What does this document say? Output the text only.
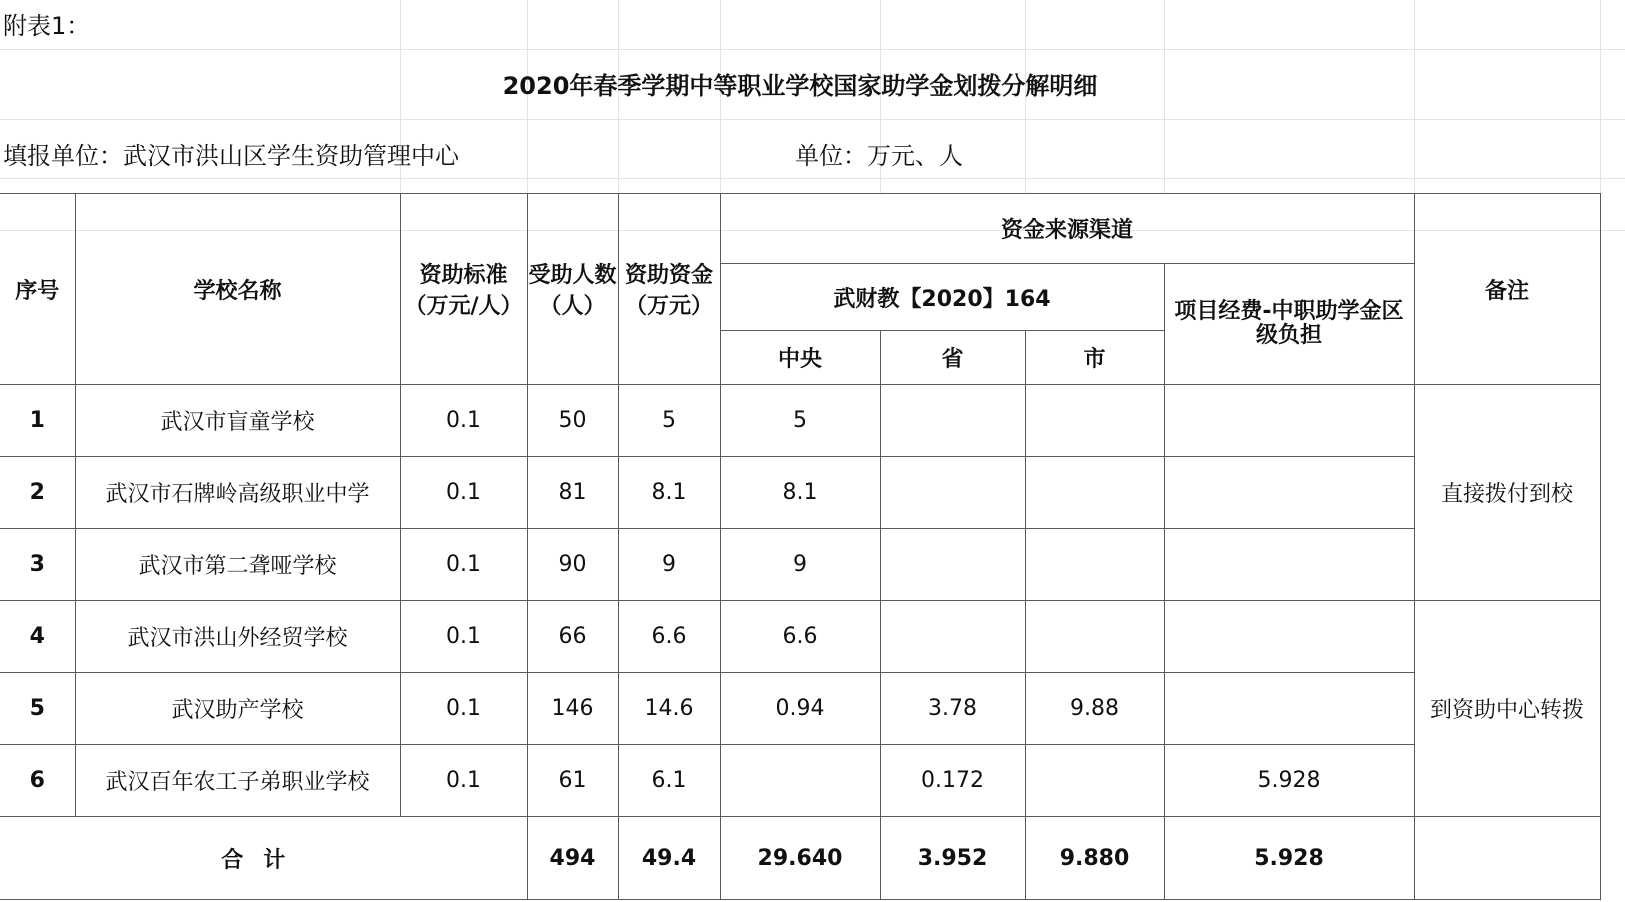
附表1：
2020年春季学期中等职业学校国家助学金划拨分解明细
填报单位：武汉市洪山区学生资助管理中心	单位：万元、人
序号	学校名称	资助标准（万元/人）	受助人数（人）	资助资金（万元）	资金来源渠道				备注
					武财教【2020】164			项目经费-中职助学金区级负担	
					中央	省	市		
1	武汉市盲童学校	0.1	50	5	5				直接拨付到校
2	武汉市石牌岭高级职业中学	0.1	81	8.1	8.1				
3	武汉市第二聋哑学校	0.1	90	9	9				
4	武汉市洪山外经贸学校	0.1	66	6.6	6.6				到资助中心转拨
5	武汉助产学校	0.1	146	14.6	0.94	3.78	9.88		
6	武汉百年农工子弟职业学校	0.1	61	6.1		0.172		5.928	
合计			494	49.4	29.640	3.952	9.880	5.928	
